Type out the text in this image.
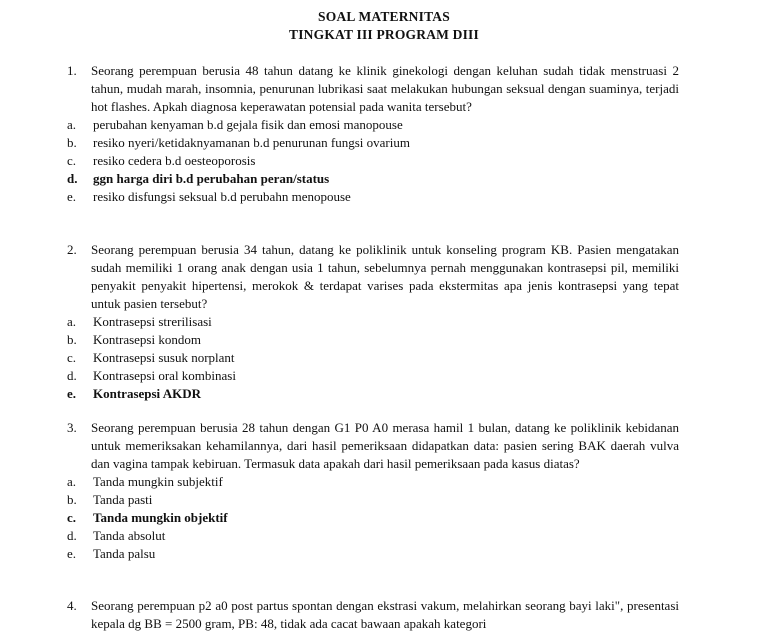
SOAL MATERNITAS
TINGKAT III PROGRAM DIII
1. Seorang perempuan berusia 48 tahun datang ke klinik ginekologi dengan keluhan sudah tidak menstruasi 2 tahun, mudah marah, insomnia, penurunan lubrikasi saat melakukan hubungan seksual dengan suaminya, terjadi hot flashes. Apkah diagnosa keperawatan potensial pada wanita tersebut?
a. perubahan kenyaman b.d gejala fisik dan emosi manopouse
b. resiko nyeri/ketidaknyamanan b.d penurunan fungsi ovarium
c. resiko cedera b.d oesteoporosis
d. ggn harga diri b.d perubahan peran/status
e. resiko disfungsi seksual b.d perubahn menopouse
2. Seorang perempuan berusia 34 tahun, datang ke poliklinik untuk konseling program KB. Pasien mengatakan sudah memiliki 1 orang anak dengan usia 1 tahun, sebelumnya pernah menggunakan kontrasepsi pil, memiliki penyakit penyakit hipertensi, merokok & terdapat varises pada ekstermitas apa jenis kontrasepsi yang tepat untuk pasien tersebut?
a. Kontrasepsi strerilisasi
b. Kontrasepsi kondom
c. Kontrasepsi susuk norplant
d. Kontrasepsi oral kombinasi
e. Kontrasepsi AKDR
3. Seorang perempuan berusia 28 tahun dengan G1 P0 A0 merasa hamil 1 bulan, datang ke poliklinik kebidanan untuk memeriksakan kehamilannya, dari hasil pemeriksaan didapatkan data: pasien sering BAK daerah vulva dan vagina tampak kebiruan. Termasuk data apakah dari hasil pemeriksaan pada kasus diatas?
a. Tanda mungkin subjektif
b. Tanda pasti
c. Tanda mungkin objektif
d. Tanda absolut
e. Tanda palsu
4. Seorang perempuan p2 a0 post partus spontan dengan ekstrasi vakum, melahirkan seorang bayi laki", presentasi kepala dg BB = 2500 gram, PB: 48, tidak ada cacat bawaan apakah kategori
